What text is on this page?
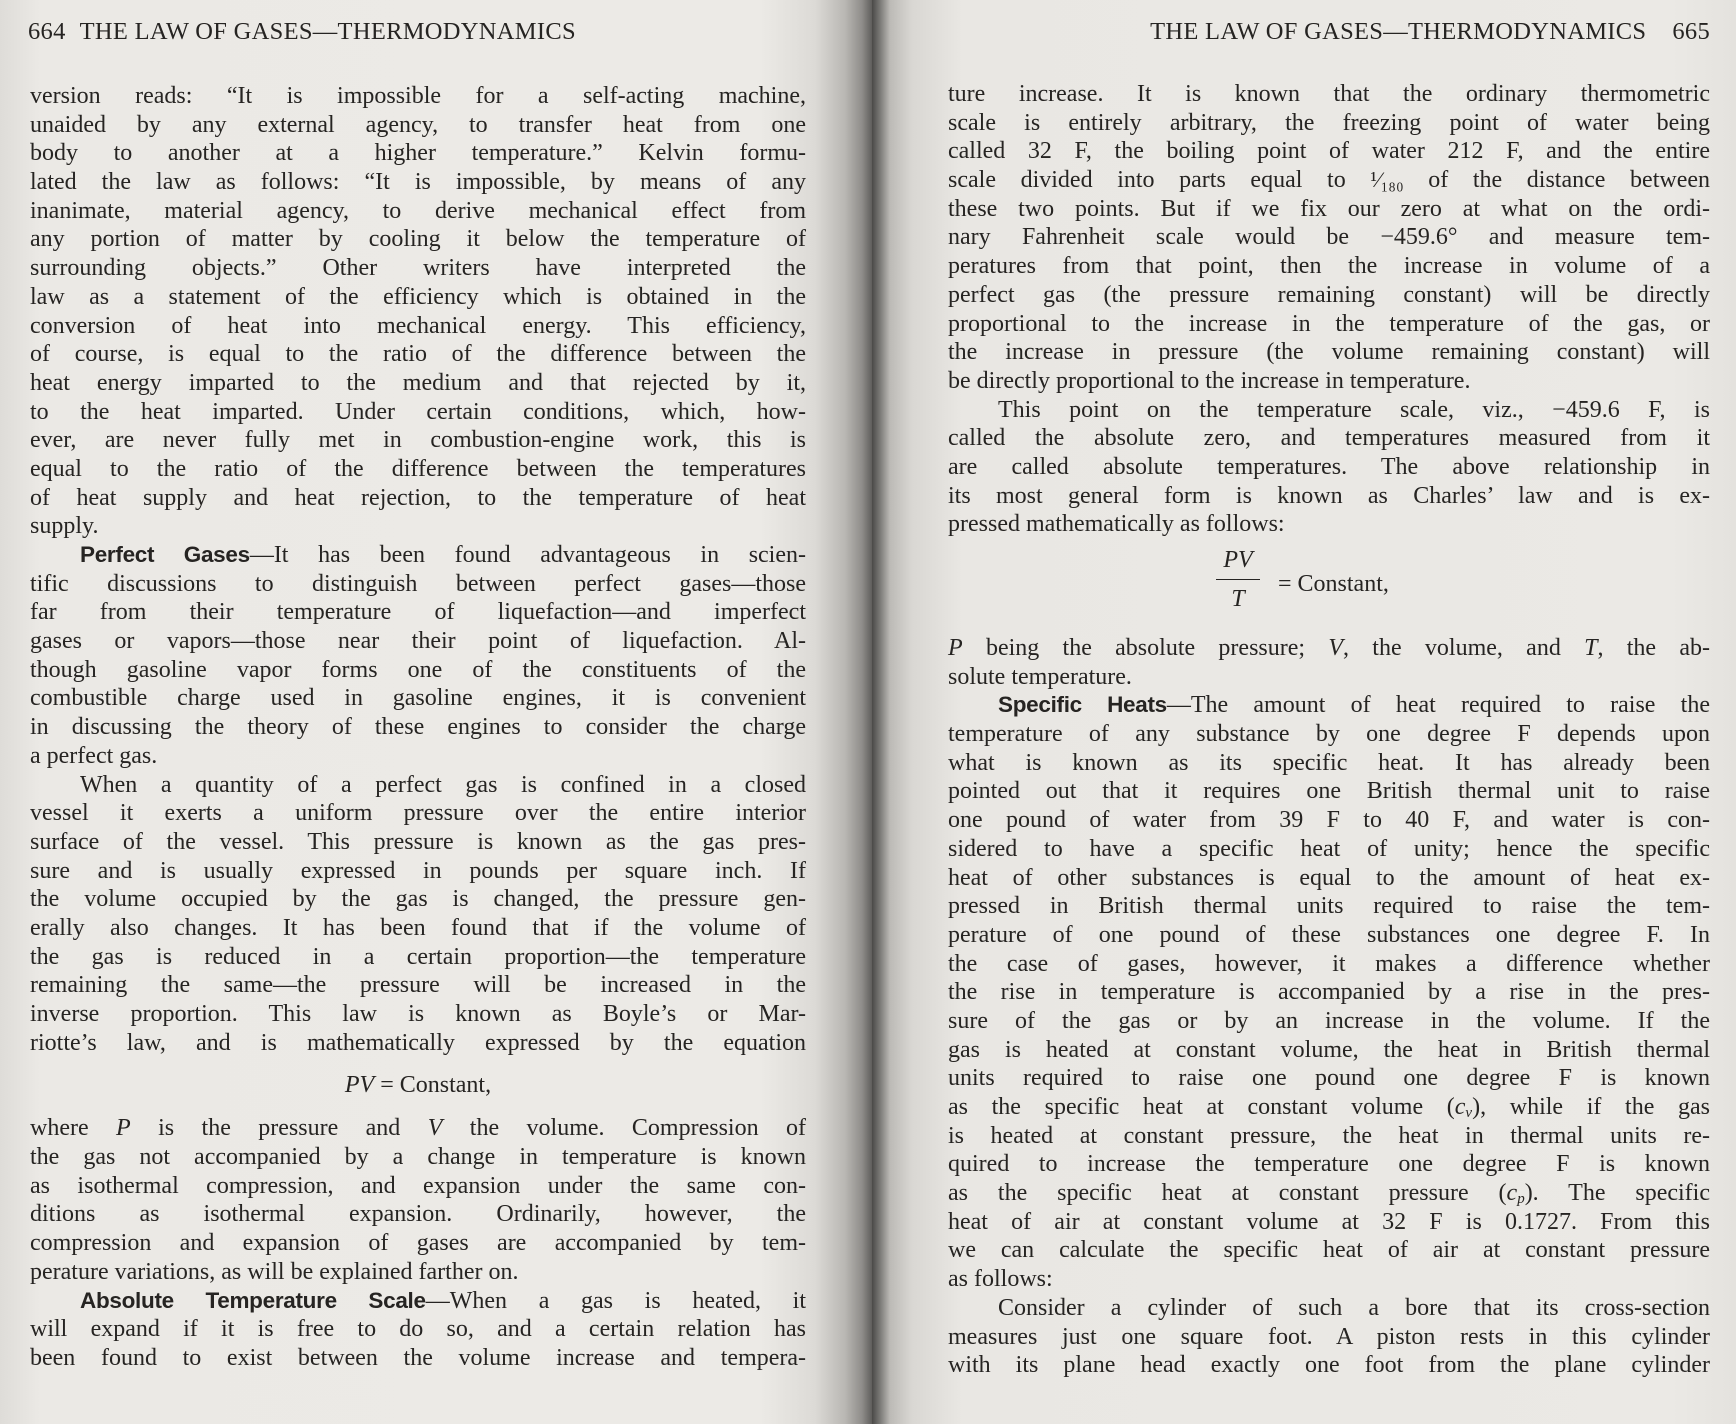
664 THE LAW OF GASES—THERMODYNAMICS
version reads: “It is impossible for a self-acting machine,
unaided by any external agency, to transfer heat from one
body to another at a higher temperature.” Kelvin formu-
lated the law as follows: “It is impossible, by means of any
inanimate, material agency, to derive mechanical effect from
any portion of matter by cooling it below the temperature of
surrounding objects.” Other writers have interpreted the
law as a statement of the efficiency which is obtained in the
conversion of heat into mechanical energy. This efficiency,
of course, is equal to the ratio of the difference between the
heat energy imparted to the medium and that rejected by it,
to the heat imparted. Under certain conditions, which, how-
ever, are never fully met in combustion-engine work, this is
equal to the ratio of the difference between the temperatures
of heat supply and heat rejection, to the temperature of heat
supply.
Perfect Gases—It has been found advantageous in scien-
tific discussions to distinguish between perfect gases—those
far from their temperature of liquefaction—and imperfect
gases or vapors—those near their point of liquefaction. Al-
though gasoline vapor forms one of the constituents of the
combustible charge used in gasoline engines, it is convenient
in discussing the theory of these engines to consider the charge
a perfect gas.
When a quantity of a perfect gas is confined in a closed
vessel it exerts a uniform pressure over the entire interior
surface of the vessel. This pressure is known as the gas pres-
sure and is usually expressed in pounds per square inch. If
the volume occupied by the gas is changed, the pressure gen-
erally also changes. It has been found that if the volume of
the gas is reduced in a certain proportion—the temperature
remaining the same—the pressure will be increased in the
inverse proportion. This law is known as Boyle’s or Mar-
riotte’s law, and is mathematically expressed by the equation
PV = Constant,
where P is the pressure and V the volume. Compression of
the gas not accompanied by a change in temperature is known
as isothermal compression, and expansion under the same con-
ditions as isothermal expansion. Ordinarily, however, the
compression and expansion of gases are accompanied by tem-
perature variations, as will be explained farther on.
Absolute Temperature Scale—When a gas is heated, it
will expand if it is free to do so, and a certain relation has
been found to exist between the volume increase and tempera-
THE LAW OF GASES—THERMODYNAMICS 665
ture increase. It is known that the ordinary thermometric
scale is entirely arbitrary, the freezing point of water being
called 32 F, the boiling point of water 212 F, and the entire
scale divided into parts equal to ¹⁄₁₈₀ of the distance between
these two points. But if we fix our zero at what on the ordi-
nary Fahrenheit scale would be −459.6° and measure tem-
peratures from that point, then the increase in volume of a
perfect gas (the pressure remaining constant) will be directly
proportional to the increase in the temperature of the gas, or
the increase in pressure (the volume remaining constant) will
be directly proportional to the increase in temperature.
This point on the temperature scale, viz., −459.6 F, is
called the absolute zero, and temperatures measured from it
are called absolute temperatures. The above relationship in
its most general form is known as Charles’ law and is ex-
pressed mathematically as follows:
PV
T
= Constant,
P being the absolute pressure; V, the volume, and T, the ab-
solute temperature.
Specific Heats—The amount of heat required to raise the
temperature of any substance by one degree F depends upon
what is known as its specific heat. It has already been
pointed out that it requires one British thermal unit to raise
one pound of water from 39 F to 40 F, and water is con-
sidered to have a specific heat of unity; hence the specific
heat of other substances is equal to the amount of heat ex-
pressed in British thermal units required to raise the tem-
perature of one pound of these substances one degree F. In
the case of gases, however, it makes a difference whether
the rise in temperature is accompanied by a rise in the pres-
sure of the gas or by an increase in the volume. If the
gas is heated at constant volume, the heat in British thermal
units required to raise one pound one degree F is known
as the specific heat at constant volume $(c_v)$, while if the gas
is heated at constant pressure, the heat in thermal units re-
quired to increase the temperature one degree F is known
as the specific heat at constant pressure $(c_p)$. The specific
heat of air at constant volume at 32 F is 0.1727. From this
we can calculate the specific heat of air at constant pressure
as follows:
Consider a cylinder of such a bore that its cross-section
measures just one square foot. A piston rests in this cylinder
with its plane head exactly one foot from the plane cylinder
